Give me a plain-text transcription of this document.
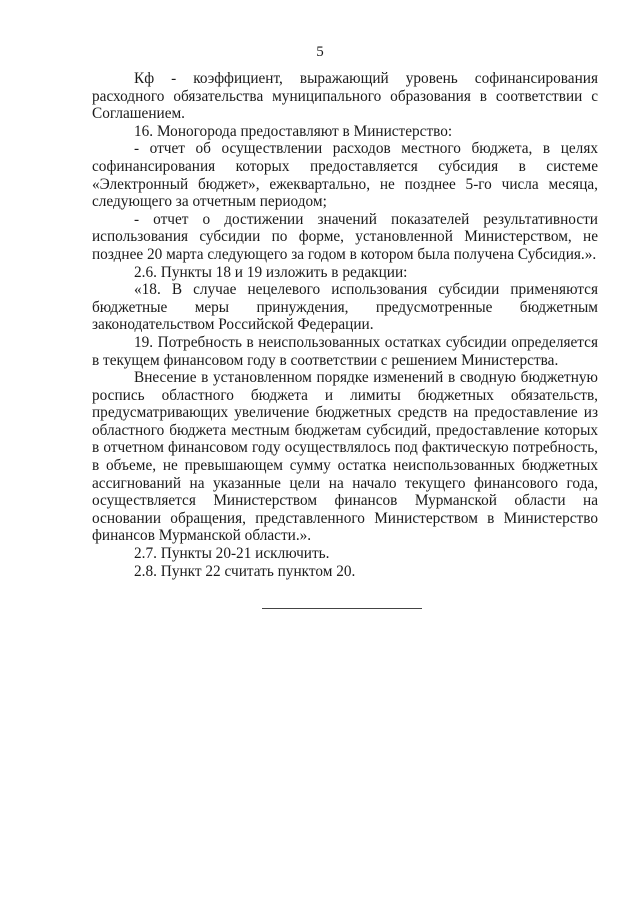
5

Кф - коэффициент, выражающий уровень софинансирования расходного обязательства муниципального образования в соответствии с Соглашением.

16. Моногорода предоставляют в Министерство:

- отчет об осуществлении расходов местного бюджета, в целях софинансирования которых предоставляется субсидия в системе «Электронный бюджет», ежеквартально, не позднее 5-го числа месяца, следующего за отчетным периодом;

- отчет о достижении значений показателей результативности использования субсидии по форме, установленной Министерством, не позднее 20 марта следующего за годом в котором была получена Субсидия.».

2.6. Пункты 18 и 19 изложить в редакции:

«18. В случае нецелевого использования субсидии применяются бюджетные меры принуждения, предусмотренные бюджетным законодательством Российской Федерации.

19. Потребность в неиспользованных остатках субсидии определяется в текущем финансовом году в соответствии с решением Министерства.

Внесение в установленном порядке изменений в сводную бюджетную роспись областного бюджета и лимиты бюджетных обязательств, предусматривающих увеличение бюджетных средств на предоставление из областного бюджета местным бюджетам субсидий, предоставление которых в отчетном финансовом году осуществлялось под фактическую потребность, в объеме, не превышающем сумму остатка неиспользованных бюджетных ассигнований на указанные цели на начало текущего финансового года, осуществляется Министерством финансов Мурманской области на основании обращения, представленного Министерством в Министерство финансов Мурманской области.».

2.7. Пункты 20-21 исключить.

2.8. Пункт 22 считать пунктом 20.
